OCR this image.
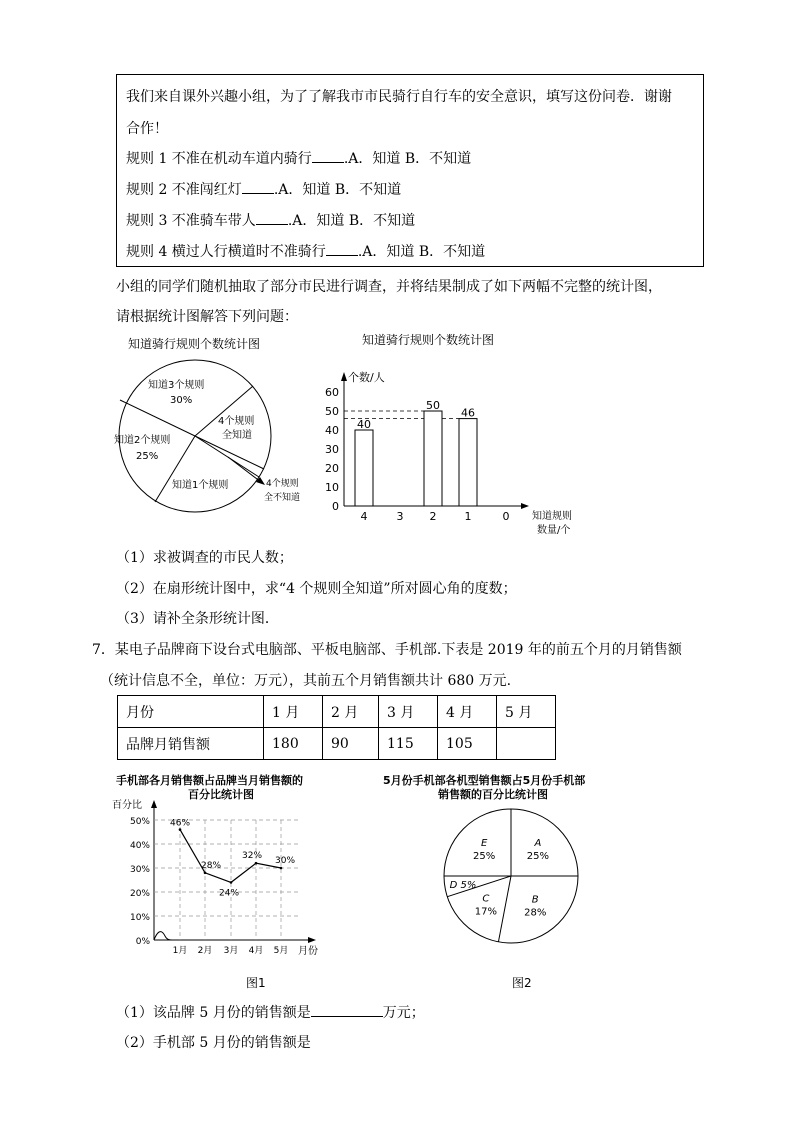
我们来自课外兴趣小组，为了了解我市市民骑行自行车的安全意识，填写这份问卷．谢谢
合作！
规则 1 不准在机动车道内骑行 .A．知道 B．不知道
规则 2 不准闯红灯 .A．知道 B．不知道
规则 3 不准骑车带人 .A．知道 B．不知道
规则 4 横过人行横道时不准骑行 .A．知道 B．不知道
小组的同学们随机抽取了部分市民进行调查，并将结果制成了如下两幅不完整的统计图，
请根据统计图解答下列问题：
知道骑行规则个数统计图
知道3个规则
30%
4个规则
全知道
知道2个规则
25%
知道1个规则	4个规则
全不知道
知道骑行规则个数统计图
个数/人
0
10
20
30
40
50
60
4	3 2	1	0
40
50
46
知道规则
数量/个
（1）求被调查的市民人数；
（2）在扇形统计图中，求“4 个规则全知道”所对圆心角的度数；
（3）请补全条形统计图．
7．某电子品牌商下设台式电脑部、平板电脑部、手机部.下表是 2019 年的前五个月的月销售额
（统计信息不全，单位：万元），其前五个月销售额共计 680 万元.
月份	1 月	2 月	3 月	4 月	5 月
品牌月销售额	180	90	115	105	
手机部各月销售额占品牌当月销售额的
百分比统计图
百分比
月份
0%
10%
20%
30%
40%
50%
1月 2月 3月 4月 5月
46%
28%
24%
32% 30%
图1
5月份手机部各机型销售额占5月份手机部
销售额的百分比统计图
A
25%
B
28%
C
17%
D 5%
E
25%
图2
（1）该品牌 5 月份的销售额是	万元；
（2）手机部 5 月份的销售额是
